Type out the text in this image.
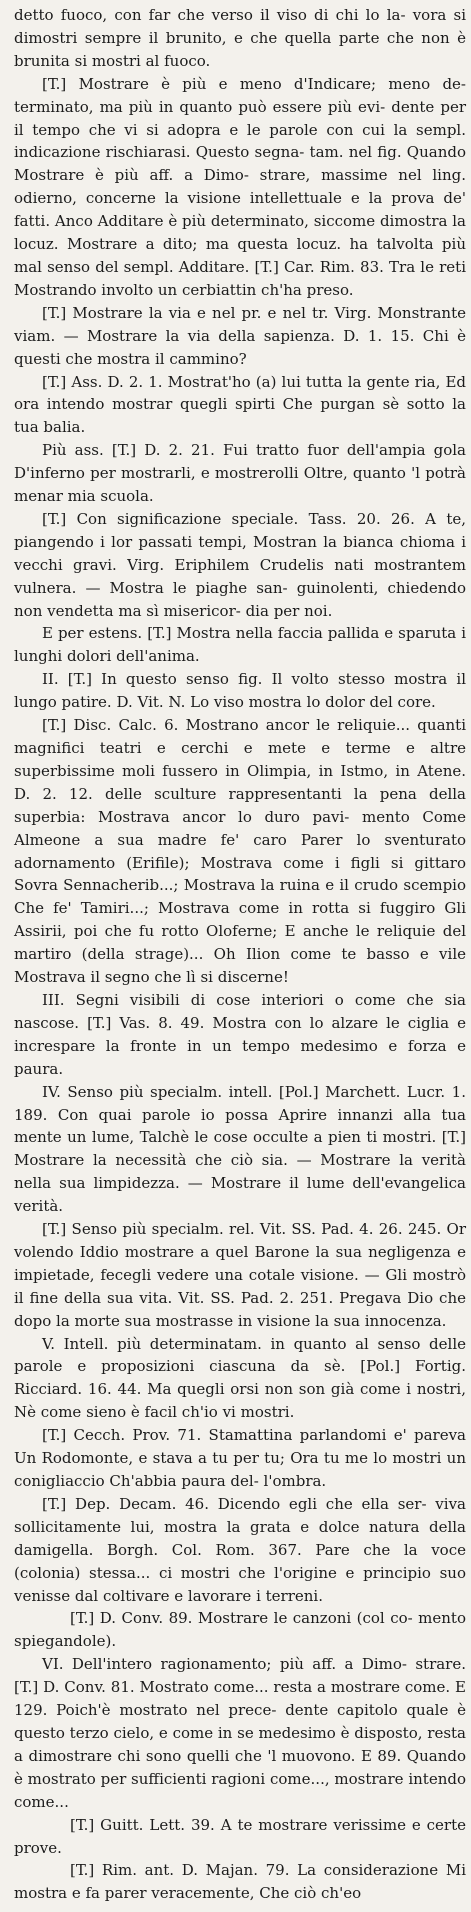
detto fuoco, con far che verso il viso di chi lo la- vora si dimostri sempre il brunito, e che quella parte che non è brunita si mostri al fuoco.

[T.] Mostrare è più e meno d'Indicare; meno de- terminato, ma più in quanto può essere più evi- dente per il tempo che vi si adopra e le parole con cui la sempl. indicazione rischiarasi. Questo segna- tam. nel fig. Quando Mostrare è più aff. a Dimo- strare, massime nel ling. odierno, concerne la visione intellettuale e la prova de' fatti. Anco Additare è più determinato, siccome dimostra la locuz. Mostrare a dito; ma questa locuz. ha talvolta più mal senso del sempl. Additare. [T.] Car. Rim. 83. Tra le reti Mostrando involto un cerbiattin ch'ha preso.

[T.] Mostrare la via e nel pr. e nel tr. Virg. Monstrante viam. — Mostrare la via della sapienza. D. 1. 15. Chi è questi che mostra il cammino?

[T.] Ass. D. 2. 1. Mostrat'ho (a) lui tutta la gente ria, Ed ora intendo mostrar quegli spirti Che purgan sè sotto la tua balia.

Più ass. [T.] D. 2. 21. Fui tratto fuor dell'ampia gola D'inferno per mostrarli, e mostrerolli Oltre, quanto 'l potrà menar mia scuola.

[T.] Con significazione speciale. Tass. 20. 26. A te, piangendo i lor passati tempi, Mostran la bianca chioma i vecchi gravi. Virg. Eriphilem Crudelis nati mostrantem vulnera. — Mostra le piaghe san- guinolenti, chiedendo non vendetta ma sì misericor- dia per noi.

E per estens. [T.] Mostra nella faccia pallida e sparuta i lunghi dolori dell'anima.

II. [T.] In questo senso fig. Il volto stesso mostra il lungo patire. D. Vit. N. Lo viso mostra lo dolor del core.

[T.] Disc. Calc. 6. Mostrano ancor le reliquie... quanti magnifici teatri e cerchi e mete e terme e altre superbissime moli fussero in Olimpia, in Istmo, in Atene. D. 2. 12. delle sculture rappresentanti la pena della superbia: Mostrava ancor lo duro pavi- mento Come Almeone a sua madre fe' caro Parer lo sventurato adornamento (Erifile); Mostrava come i figli si gittaro Sovra Sennacherib...; Mostrava la ruina e il crudo scempio Che fe' Tamiri...; Mostrava come in rotta si fuggiro Gli Assirii, poi che fu rotto Oloferne; E anche le reliquie del martiro (della strage)... Oh Ilion come te basso e vile Mostrava il segno che lì si discerne!

III. Segni visibili di cose interiori o come che sia nascose. [T.] Vas. 8. 49. Mostra con lo alzare le ciglia e increspare la fronte in un tempo medesimo e forza e paura.

IV. Senso più specialm. intell. [Pol.] Marchett. Lucr. 1. 189. Con quai parole io possa Aprire innanzi alla tua mente un lume, Talchè le cose occulte a pien ti mostri. [T.] Mostrare la necessità che ciò sia. — Mostrare la verità nella sua limpidezza. — Mostrare il lume dell'evangelica verità.

[T.] Senso più specialm. rel. Vit. SS. Pad. 4. 26. 245. Or volendo Iddio mostrare a quel Barone la sua negligenza e impietade, fecegli vedere una cotale visione. — Gli mostrò il fine della sua vita. Vit. SS. Pad. 2. 251. Pregava Dio che dopo la morte sua mostrasse in visione la sua innocenza.

V. Intell. più determinatam. in quanto al senso delle parole e proposizioni ciascuna da sè. [Pol.] Fortig. Ricciard. 16. 44. Ma quegli orsi non son già come i nostri, Nè come sieno è facil ch'io vi mostri.

[T.] Cecch. Prov. 71. Stamattina parlandomi e' pareva Un Rodomonte, e stava a tu per tu; Ora tu me lo mostri un conigliaccio Ch'abbia paura del- l'ombra.

[T.] Dep. Decam. 46. Dicendo egli che ella ser- viva sollicitamente lui, mostra la grata e dolce natura della damigella. Borgh. Col. Rom. 367. Pare che la voce (colonia) stessa... ci mostri che l'origine e principio suo venisse dal coltivare e lavorare i terreni.

[T.] D. Conv. 89. Mostrare le canzoni (col co- mento spiegandole).

VI. Dell'intero ragionamento; più aff. a Dimo- strare. [T.] D. Conv. 81. Mostrato come... resta a mostrare come. E 129. Poich'è mostrato nel prece- dente capitolo quale è questo terzo cielo, e come in se medesimo è disposto, resta a dimostrare chi sono quelli che 'l muovono. E 89. Quando è mostrato per sufficienti ragioni come..., mostrare intendo come...

[T.] Guitt. Lett. 39. A te mostrare verissime e certe prove.

[T.] Rim. ant. D. Majan. 79. La considerazione Mi mostra e fa parer veracemente, Che ciò ch'eo
